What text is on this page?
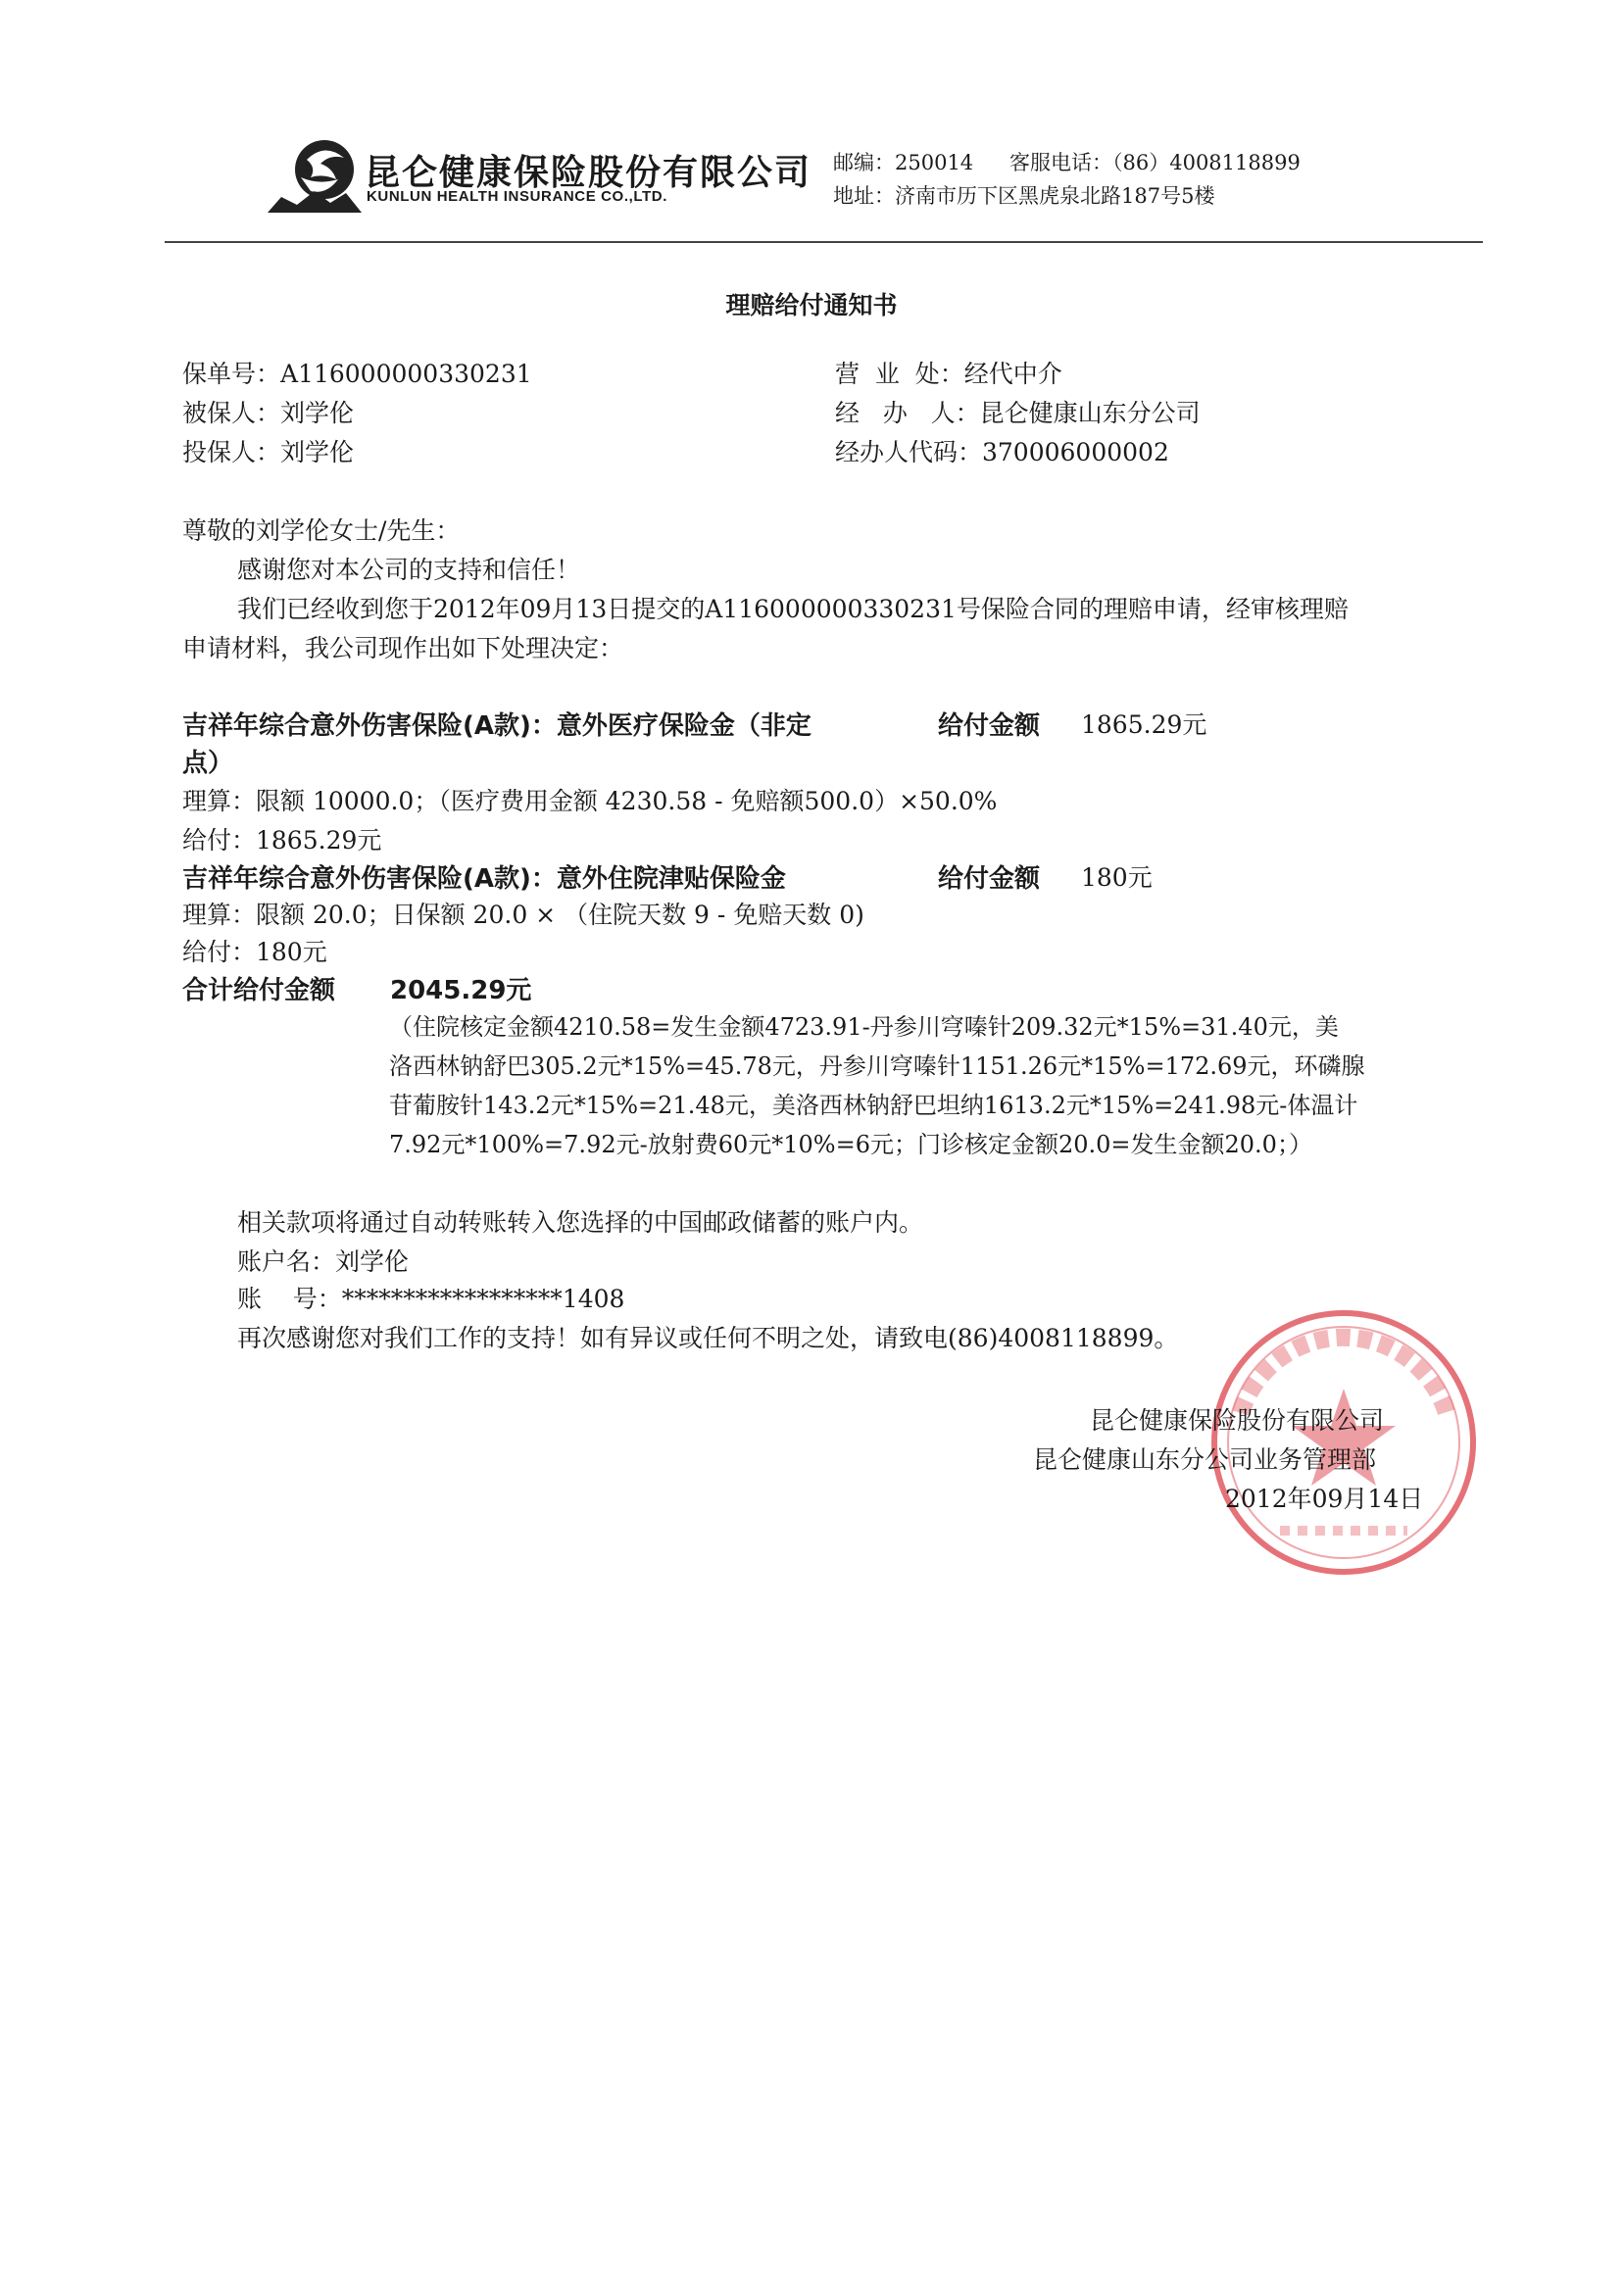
昆仑健康保险股份有限公司
KUNLUN HEALTH INSURANCE CO.,LTD.
邮编：250014 客服电话：（86）4008118899
地址：济南市历下区黑虎泉北路187号5楼
理赔给付通知书
保单号：A116000000330231
被保人：刘学伦
投保人：刘学伦
营  业  处：经代中介
经   办   人：昆仑健康山东分公司
经办人代码：370006000002
尊敬的刘学伦女士/先生：
感谢您对本公司的支持和信任！
我们已经收到您于2012年09月13日提交的A116000000330231号保险合同的理赔申请，经审核理赔
申请材料，我公司现作出如下处理决定：
吉祥年综合意外伤害保险(A款)：意外医疗保险金（非定
点）
给付金额 1865.29元
理算：限额 10000.0；（医疗费用金额 4230.58 - 免赔额500.0）×50.0%
给付：1865.29元
吉祥年综合意外伤害保险(A款)：意外住院津贴保险金	给付金额 180元
理算：限额 20.0；日保额 20.0 × （住院天数 9 - 免赔天数 0)
给付：180元
合计给付金额 2045.29元
（住院核定金额4210.58=发生金额4723.91-丹参川穹嗪针209.32元*15%=31.40元，美
洛西林钠舒巴305.2元*15%=45.78元，丹参川穹嗪针1151.26元*15%=172.69元，环磷腺
苷葡胺针143.2元*15%=21.48元，美洛西林钠舒巴坦纳1613.2元*15%=241.98元-体温计
7.92元*100%=7.92元-放射费60元*10%=6元；门诊核定金额20.0=发生金额20.0；）
相关款项将通过自动转账转入您选择的中国邮政储蓄的账户内。
账户名：刘学伦
账    号：******************1408
再次感谢您对我们工作的支持！如有异议或任何不明之处，请致电(86)4008118899。
昆仑健康保险股份有限公司
昆仑健康山东分公司业务管理部
2012年09月14日
